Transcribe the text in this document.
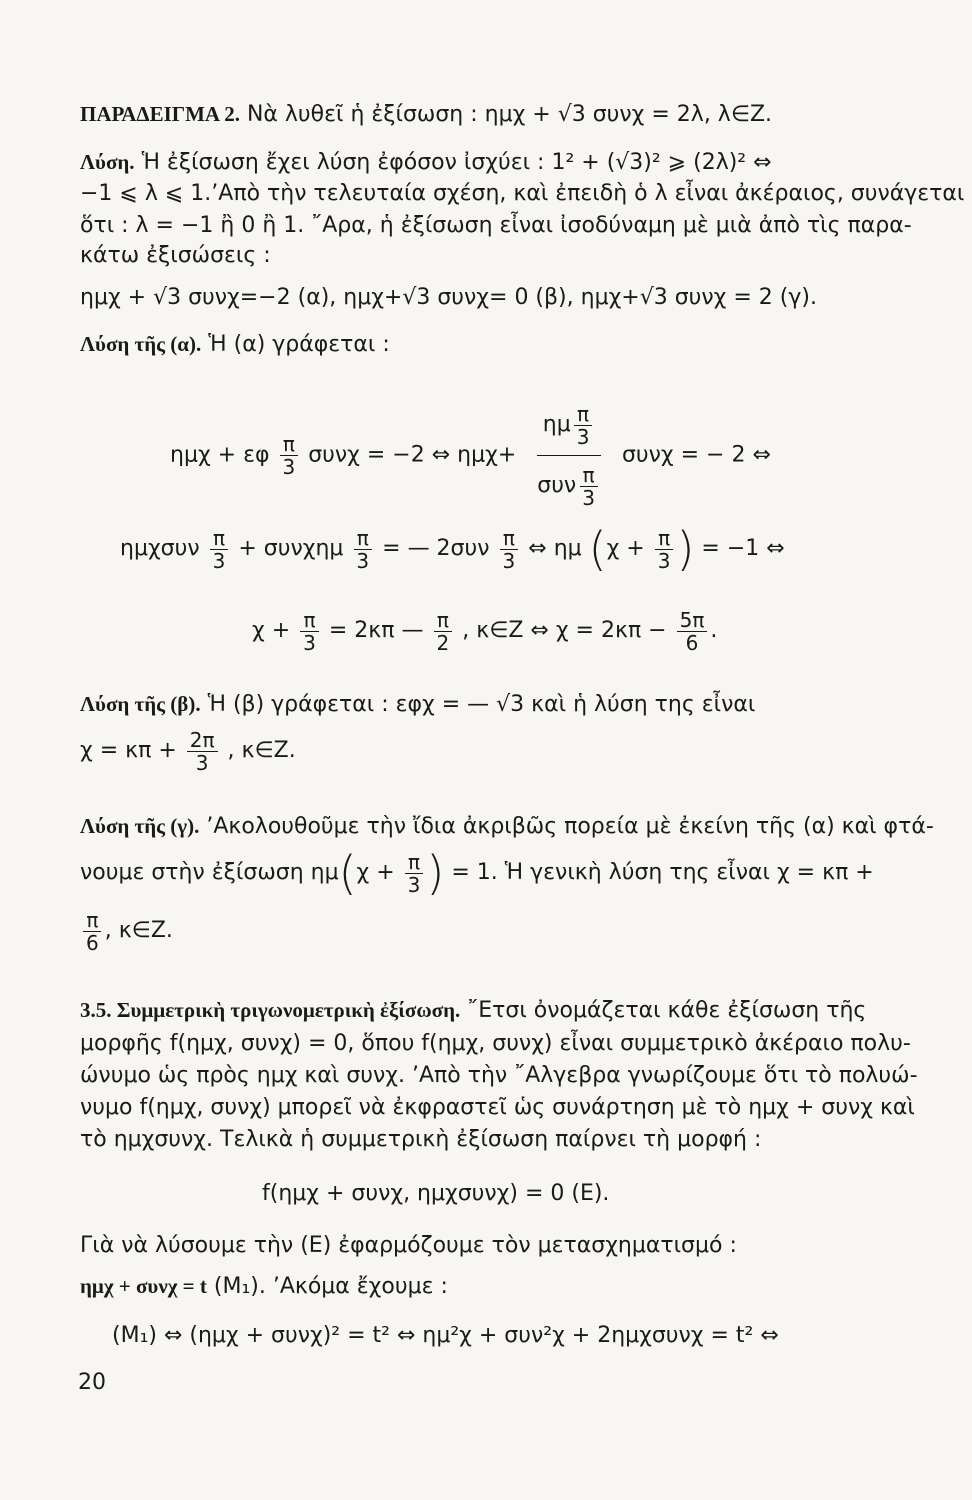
ΠΑΡΑΔΕΙΓΜΑ 2. Νὰ λυθεῖ ἡ ἐξίσωση : ημχ + √3 συνχ = 2λ, λ∈Z.
Λύση. Ἡ ἐξίσωση ἔχει λύση ἐφόσον ἰσχύει : 1² + (√3)² ⩾ (2λ)² ⇔
−1 ⩽ λ ⩽ 1.’Απὸ τὴν τελευταία σχέση, καὶ ἐπειδὴ ὁ λ εἶναι ἀκέραιος, συνάγεται
ὅτι : λ = −1 ἢ 0 ἢ 1. ῎Αρα, ἡ ἐξίσωση εἶναι ἰσοδύναμη μὲ μιὰ ἀπὸ τὶς παρα-
κάτω ἐξισώσεις :
ημχ + √3 συνχ=−2 (α), ημχ+√3 συνχ= 0 (β), ημχ+√3 συνχ = 2 (γ).
Λύση τῆς (α). Ἡ (α) γράφεται :
ημχ + εφ $\frac{\pi}{3}$ συνχ = −2 ⇔ ημχ+
ημ $\frac{\pi}{3}$
συν $\frac{\pi}{3}$
συνχ = − 2 ⇔
ημχσυν $\frac{\pi}{3} + \sigma\upsilon\nu\chi\eta\mu \frac{\pi}{3}$ = — $2\sigma\upsilon\nu \frac{\pi}{3}$ ⇔ ημ ($\chi + \frac{\pi}{3}$ ) = −1 ⇔
$\chi + \frac{\pi}{3} = 2\kappa\pi$ — $\frac{\pi}{2}$ , κ∈Z ⇔ $\chi = 2\kappa\pi - \frac{5\pi}{6}$ .
Λύση τῆς (β). Ἡ (β) γράφεται : εφχ = — √3 καὶ ἡ λύση της εἶναι
$\chi = \kappa\pi + \frac{2\pi}{3}$ , κ∈Z.
Λύση τῆς (γ). ’Ακολουθοῦμε τὴν ἴδια ἀκριβῶς πορεία μὲ ἐκείνη τῆς (α) καὶ φτά-
νουμε στὴν ἐξίσωση $\eta\mu(\chi + \frac{\pi}{3}$ ) = 1. Ἡ γενικὴ λύση της εἶναι χ = κπ +
$\frac{\pi}{6}$ , κ∈Z.
3.5. Συμμετρικὴ τριγωνομετρικὴ ἐξίσωση. ῎Ετσι ὀνομάζεται κάθε ἐξίσωση τῆς
μορφῆς f(ημχ, συνχ) = 0, ὅπου f(ημχ, συνχ) εἶναι συμμετρικὸ ἀκέραιο πολυ-
ώνυμο ὡς πρὸς ημχ καὶ συνχ. ’Απὸ τὴν ῎Αλγεβρα γνωρίζουμε ὅτι τὸ πολυώ-
νυμο f(ημχ, συνχ) μπορεῖ νὰ ἐκφραστεῖ ὡς συνάρτηση μὲ τὸ ημχ + συνχ καὶ
τὸ ημχσυνχ. Τελικὰ ἡ συμμετρικὴ ἐξίσωση παίρνει τὴ μορφή :
f(ημχ + συνχ, ημχσυνχ) = 0 (E).
Γιὰ νὰ λύσουμε τὴν (Ε) ἐφαρμόζουμε τὸν μετασχηματισμό :
ημχ + συνχ = t (M₁). ’Ακόμα ἔχουμε :
(M₁) ⇔ (ημχ + συνχ)² = t² ⇔ ημ²χ + συν²χ + 2ημχσυνχ = t² ⇔
20
